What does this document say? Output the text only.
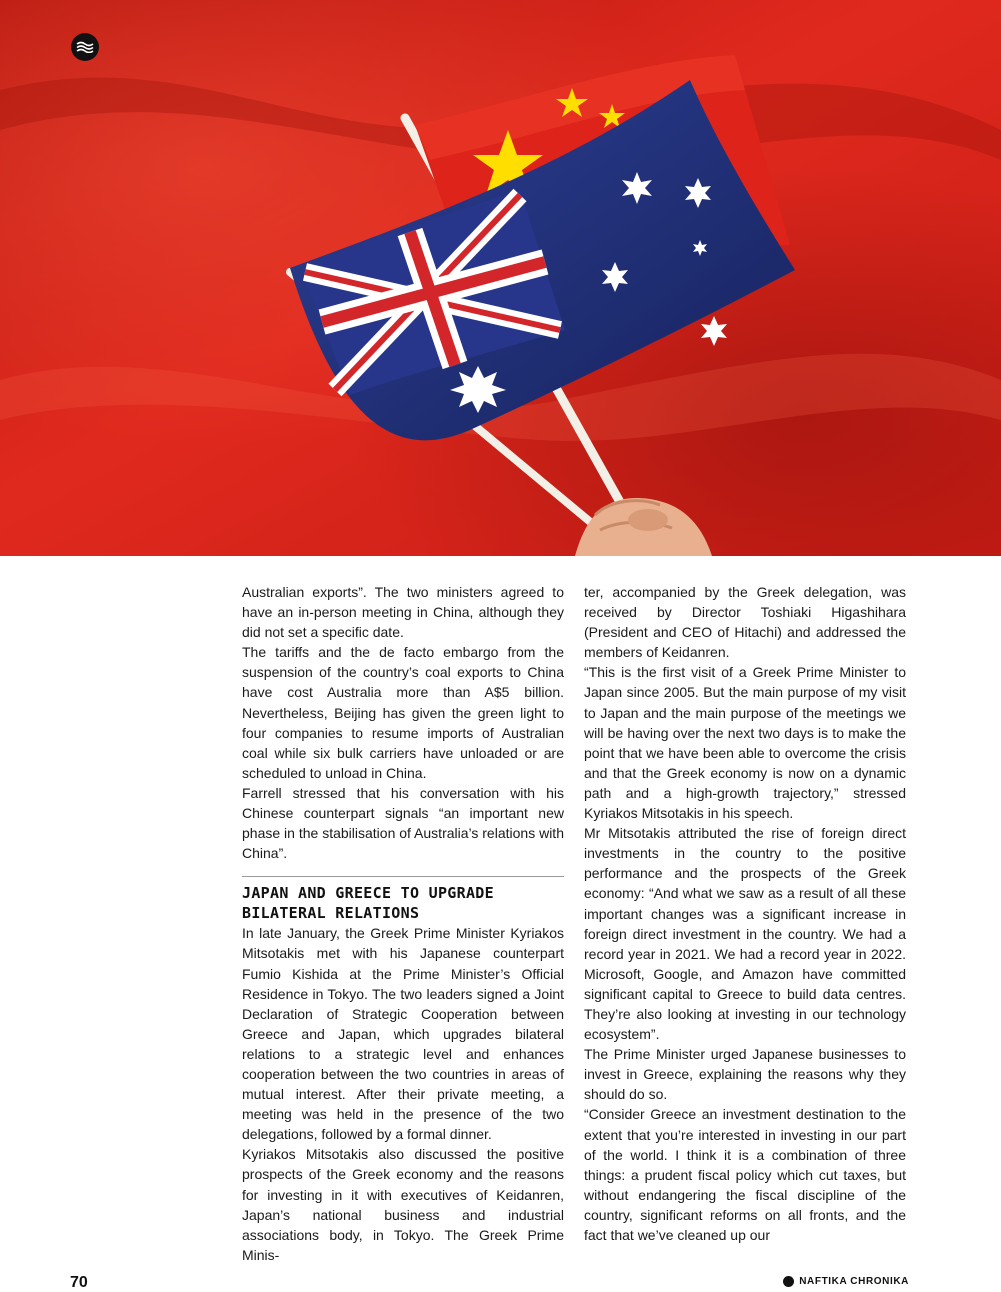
Australian exports”. The two ministers agreed to have an in-person meeting in China, although they did not set a specific date.

The tariffs and the de facto embargo from the suspension of the country’s coal exports to China have cost Australia more than A$5 billion. Nevertheless, Beijing has given the green light to four companies to resume imports of Australian coal while six bulk carriers have unloaded or are scheduled to unload in China.

Farrell stressed that his conversation with his Chinese counterpart signals “an important new phase in the stabilisation of Australia’s relations with China”.

JAPAN AND GREECE TO UPGRADE BILATERAL RELATIONS

In late January, the Greek Prime Minister Kyriakos Mitsotakis met with his Japanese counterpart Fumio Kishida at the Prime Minister’s Official Residence in Tokyo. The two leaders signed a Joint Declaration of Strategic Cooperation between Greece and Japan, which upgrades bilateral relations to a strategic level and enhances cooperation between the two countries in areas of mutual interest. After their private meeting, a meeting was held in the presence of the two delegations, followed by a formal dinner.

Kyriakos Mitsotakis also discussed the positive prospects of the Greek economy and the reasons for investing in it with executives of Keidanren, Japan’s national business and industrial associations body, in Tokyo. The Greek Prime Minis-

ter, accompanied by the Greek delegation, was received by Director Toshiaki Higashihara (President and CEO of Hitachi) and addressed the members of Keidanren.

“This is the first visit of a Greek Prime Minister to Japan since 2005. But the main purpose of my visit to Japan and the main purpose of the meetings we will be having over the next two days is to make the point that we have been able to overcome the crisis and that the Greek economy is now on a dynamic path and a high-growth trajectory,” stressed Kyriakos Mitsotakis in his speech.

Mr Mitsotakis attributed the rise of foreign direct investments in the country to the positive performance and the prospects of the Greek economy: “And what we saw as a result of all these important changes was a significant increase in foreign direct investment in the country. We had a record year in 2021. We had a record year in 2022. Microsoft, Google, and Amazon have committed significant capital to Greece to build data centres. They’re also looking at investing in our technology ecosystem”.

The Prime Minister urged Japanese businesses to invest in Greece, explaining the reasons why they should do so.

“Consider Greece an investment destination to the extent that you’re interested in investing in our part of the world. I think it is a combination of three things: a prudent fiscal policy which cut taxes, but without endangering the fiscal discipline of the country, significant reforms on all fronts, and the fact that we’ve cleaned up our

70	NAFTIKA CHRONIKA
